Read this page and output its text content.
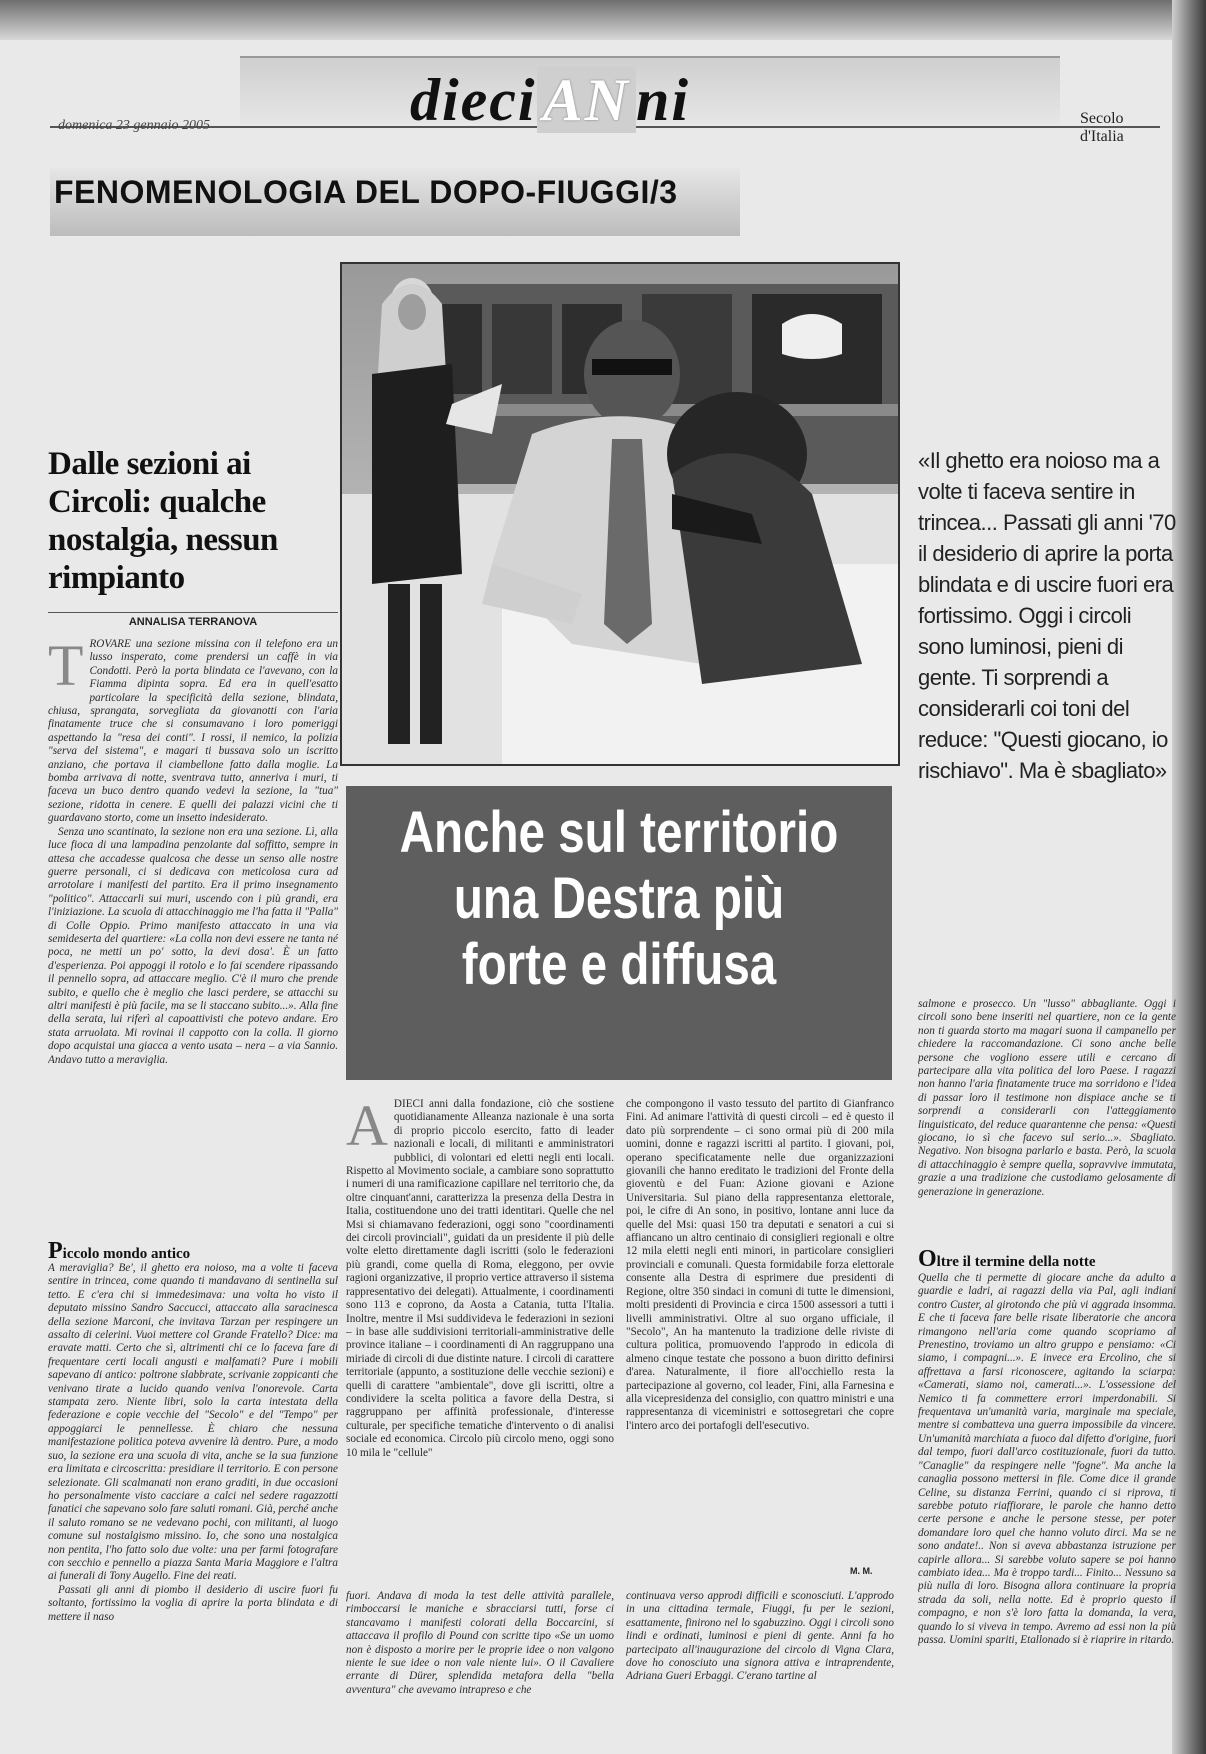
domenica 23 gennaio 2005	dieci AN ni	Secolo d'Italia
FENOMENOLOGIA DEL DOPO-FIUGGI/3
Dalle sezioni ai Circoli: qualche nostalgia, nessun rimpianto
ANNALISA TERRANOVA
TROVARE una sezione missina con il telefono era un lusso insperato, come prendersi un caffè in via Condotti. Però la porta blindata ce l'avevano, con la Fiamma dipinta sopra. Ed era in quell'esatto particolare la specificità della sezione, blindata, chiusa, sprangata, sorvegliata da giovanotti con l'aria finatamente truce che si consumavano i loro pomeriggi aspettando la "resa dei conti". I rossi, il nemico, la polizia "serva del sistema", e magari ti bussava solo un iscritto anziano, che portava il ciambellone fatto dalla moglie. La bomba arrivava di notte, sventrava tutto, anneriva i muri, ti faceva un buco dentro quando vedevi la sezione, la "tua" sezione, ridotta in cenere. E quelli dei palazzi vicini che ti guardavano storto, come un insetto indesiderato.
Senza uno scantinato, la sezione non era una sezione. Lì, alla luce fioca di una lampadina penzolante dal soffitto, sempre in attesa che accadesse qualcosa che desse un senso alle nostre guerre personali, ci si dedicava con meticolosa cura ad arrotolare i manifesti del partito. Era il primo insegnamento "politico". Attaccarli sui muri, uscendo con i più grandi, era l'iniziazione. La scuola di attacchinaggio me l'ha fatta il "Palla" di Colle Oppio. Primo manifesto attaccato in una via semideserta del quartiere: «La colla non devi essere ne tanta né poca, ne metti un po' sotto, la devi dosa'. È un fatto d'esperienza. Poi appoggi il rotolo e lo fai scendere ripassando il pennello sopra, ad attaccare meglio. C'è il muro che prende subito, e quello che è meglio che lasci perdere, se attacchi su altri manifesti è più facile, ma se li staccano subito...». Alla fine della serata, lui riferì al capoattivisti che potevo andare. Ero stata arruolata. Mi rovinai il cappotto con la colla. Il giorno dopo acquistai una giacca a vento usata – nera – a via Sannio. Andavo tutto a meraviglia.
Piccolo mondo antico
A meraviglia? Be', il ghetto era noioso, ma a volte ti faceva sentire in trincea, come quando ti mandavano di sentinella sul tetto. E c'era chi si immedesimava: una volta ho visto il deputato missino Sandro Saccucci, attaccato alla saracinesca della sezione Marconi, che invitava Tarzan per respingere un assalto di celerini. Vuoi mettere col Grande Fratello? Dice: ma eravate matti. Certo che sì, altrimenti chi ce lo faceva fare di frequentare certi locali angusti e malfamati? Pure i mobili sapevano di antico: poltrone slabbrate, scrivanie zoppicanti che venivano tirate a lucido quando veniva l'onorevole. Carta stampata zero. Niente libri, solo la carta intestata della federazione e copie vecchie del "Secolo" e del "Tempo" per appoggiarci le pennellesse. È chiaro che nessuna manifestazione politica poteva avvenire là dentro. Pure, a modo suo, la sezione era una scuola di vita, anche se la sua funzione era limitata e circoscritta: presidiare il territorio. E con persone selezionate. Gli scalmanati non erano graditi, in due occasioni ho personalmente visto cacciare a calci nel sedere ragazzotti fanatici che sapevano solo fare saluti romani. Già, perché anche il saluto romano se ne vedevano pochi, con militanti, al luogo comune sul nostalgismo missino. Io, che sono una nostalgica non pentita, l'ho fatto solo due volte: una per farmi fotografare con secchio e pennello a piazza Santa Maria Maggiore e l'altra ai funerali di Tony Augello. Fine dei reati.
Passati gli anni di piombo il desiderio di uscire fuori fu soltanto, fortissimo la voglia di aprire la porta blindata e di mettere il naso
Anche sul territorio una Destra più forte e diffusa
«Il ghetto era noioso ma a volte ti faceva sentire in trincea... Passati gli anni '70 il desiderio di aprire la porta blindata e di uscire fuori era fortissimo. Oggi i circoli sono luminosi, pieni di gente. Ti sorprendi a considerarli coi toni del reduce: "Questi giocano, io rischiavo". Ma è sbagliato»
ADIECI anni dalla fondazione, ciò che sostiene quotidianamente Alleanza nazionale è una sorta di proprio piccolo esercito, fatto di leader nazionali e locali, di militanti e amministratori pubblici, di volontari ed eletti negli enti locali. Rispetto al Movimento sociale, a cambiare sono soprattutto i numeri di una ramificazione capillare nel territorio che, da oltre cinquant'anni, caratterizza la presenza della Destra in Italia, costituendone uno dei tratti identitari. Quelle che nel Msi si chiamavano federazioni, oggi sono "coordinamenti dei circoli provinciali", guidati da un presidente il più delle volte eletto direttamente dagli iscritti (solo le federazioni più grandi, come quella di Roma, eleggono, per ovvie ragioni organizzative, il proprio vertice attraverso il sistema rappresentativo dei delegati). Attualmente, i coordinamenti sono 113 e coprono, da Aosta a Catania, tutta l'Italia. Inoltre, mentre il Msi suddivideva le federazioni in sezioni – in base alle suddivisioni territoriali-amministrative delle province italiane – i coordinamenti di An raggruppano una miriade di circoli di due distinte nature. I circoli di carattere territoriale (appunto, a sostituzione delle vecchie sezioni) e quelli di carattere "ambientale", dove gli iscritti, oltre a condividere la scelta politica a favore della Destra, si raggruppano per affinità professionale, d'interesse culturale, per specifiche tematiche d'intervento o di analisi sociale ed economica. Circolo più circolo meno, oggi sono 10 mila le "cellule"
che compongono il vasto tessuto del partito di Gianfranco Fini. Ad animare l'attività di questi circoli – ed è questo il dato più sorprendente – ci sono ormai più di 200 mila uomini, donne e ragazzi iscritti al partito. I giovani, poi, operano specificatamente nelle due organizzazioni giovanili che hanno ereditato le tradizioni del Fronte della gioventù e del Fuan: Azione giovani e Azione Universitaria. Sul piano della rappresentanza elettorale, poi, le cifre di An sono, in positivo, lontane anni luce da quelle del Msi: quasi 150 tra deputati e senatori a cui si affiancano un altro centinaio di consiglieri regionali e oltre 12 mila eletti negli enti minori, in particolare consiglieri provinciali e comunali. Questa formidabile forza elettorale consente alla Destra di esprimere due presidenti di Regione, oltre 350 sindaci in comuni di tutte le dimensioni, molti presidenti di Provincia e circa 1500 assessori a tutti i livelli amministrativi. Oltre al suo organo ufficiale, il "Secolo", An ha mantenuto la tradizione delle riviste di cultura politica, promuovendo l'approdo in edicola di almeno cinque testate che possono a buon diritto definirsi d'area. Naturalmente, il fiore all'occhiello resta la partecipazione al governo, col leader, Fini, alla Farnesina e alla vicepresidenza del consiglio, con quattro ministri e una rappresentanza di viceministri e sottosegretari che copre l'intero arco dei portafogli dell'esecutivo.
M. M.
fuori. Andava di moda la test delle attività parallele, rimboccarsi le maniche e sbracciarsi tutti, forse ci stancavamo i manifesti colorati della Boccarcini, si attaccava il profilo di Pound con scritte tipo «Se un uomo non è disposto a morire per le proprie idee o non valgono niente le sue idee o non vale niente lui». O il Cavaliere errante di Dürer, splendida metafora della "bella avventura" che avevamo intrapreso e che
continuava verso approdi difficili e sconosciuti. L'approdo in una cittadina termale, Fiuggi, fu per le sezioni, esattamente, finirono nel lo sgabuzzino. Oggi i circoli sono lindi e ordinati, luminosi e pieni di gente. Anni fa ho partecipato all'inaugurazione del circolo di Vigna Clara, dove ho conosciuto una signora attiva e intraprendente, Adriana Gueri Erbaggi. C'erano tartine al
salmone e prosecco. Un "lusso" abbagliante. Oggi i circoli sono bene inseriti nel quartiere, non ce la gente non ti guarda storto ma magari suona il campanello per chiedere la raccomandazione. Ci sono anche belle persone che vogliono essere utili e cercano di partecipare alla vita politica del loro Paese. I ragazzi non hanno l'aria finatamente truce ma sorridono e l'idea di passar loro il testimone non dispiace anche se ti sorprendi a considerarli con l'atteggiamento linguisticato, del reduce quarantenne che pensa: «Questi giocano, io sì che facevo sul serio...». Sbagliato. Negativo. Non bisogna parlarlo e basta. Però, la scuola di attacchinaggio è sempre quella, sopravvive immutata, grazie a una tradizione che custodiamo gelosamente di generazione in generazione.
Oltre il termine della notte
Quella che ti permette di giocare anche da adulto a guardie e ladri, ai ragazzi della via Pal, agli indiani contro Custer, al girotondo che più vi aggrada insomma. E che ti faceva fare belle risate liberatorie che ancora rimangono nell'aria come quando scopriamo al Prenestino, troviamo un altro gruppo e pensiamo: «Ci siamo, i compagni...». E invece era Ercolino, che si affrettava a farsi riconoscere, agitando la sciarpa: «Camerati, siamo noi, camerati...». L'ossessione del Nemico ti fa commettere errori imperdonabili. Si frequentava un'umanità varia, marginale ma speciale, mentre si combatteva una guerra impossibile da vincere. Un'umanità marchiata a fuoco dal difetto d'origine, fuori dal tempo, fuori dall'arco costituzionale, fuori da tutto. "Canaglie" da respingere nelle "fogne". Ma anche la canaglia possono mettersi in file. Come dice il grande Celine, su distanza Ferrini, quando ci si riprova, ti sarebbe potuto riaffiorare, le parole che hanno detto certe persone e anche le persone stesse, per poter domandare loro quel che hanno voluto dirci. Ma se ne sono andate!.. Non si aveva abbastanza istruzione per capirle allora... Si sarebbe voluto sapere se poi hanno cambiato idea... Ma è troppo tardi... Finito... Nessuno sa più nulla di loro. Bisogna allora continuare la propria strada da soli, nella notte. Ed è proprio questo il compagno, e non s'è loro fatta la domanda, la vera, quando lo si viveva in tempo. Avremo ad essi non la più passa. Uomini spariti, Etallonado si è riaprire in ritardo.
